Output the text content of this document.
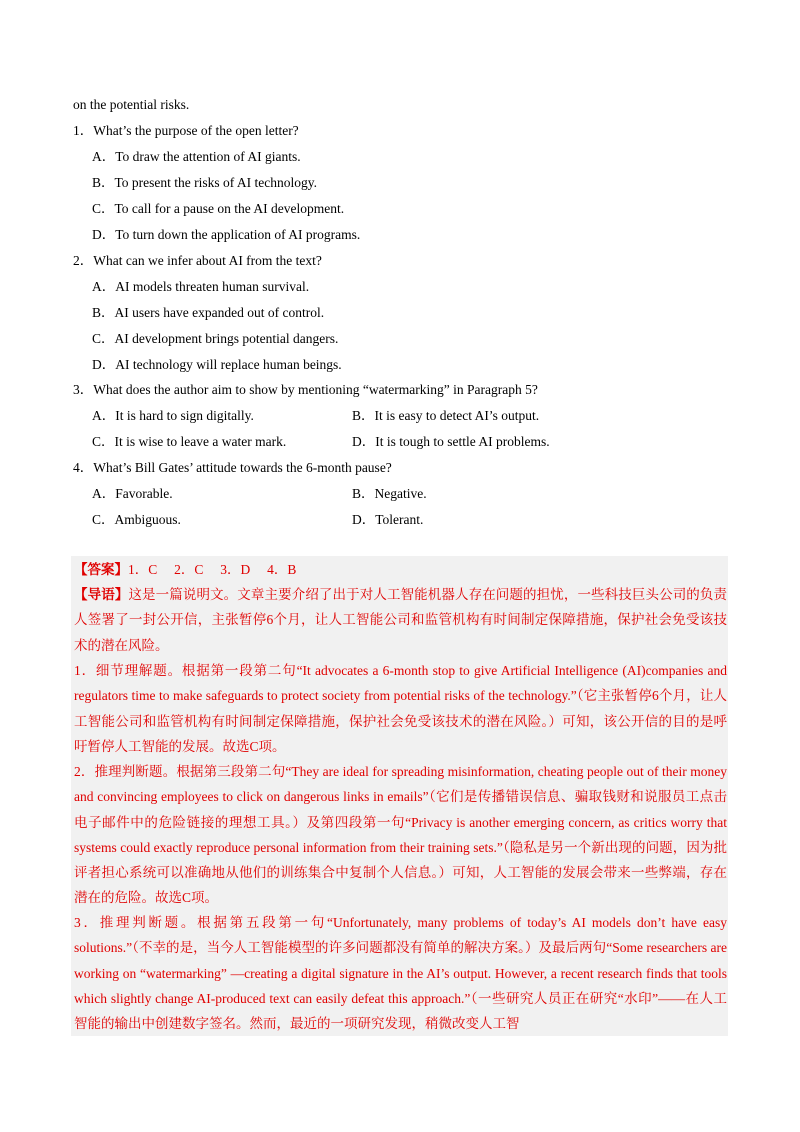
on the potential risks.
1．What’s the purpose of the open letter?
A．To draw the attention of AI giants.
B．To present the risks of AI technology.
C．To call for a pause on the AI development.
D．To turn down the application of AI programs.
2．What can we infer about AI from the text?
A．AI models threaten human survival.
B．AI users have expanded out of control.
C．AI development brings potential dangers.
D．AI technology will replace human beings.
3．What does the author aim to show by mentioning “watermarking” in Paragraph 5?
A．It is hard to sign digitally.	B．It is easy to detect AI’s output.
C．It is wise to leave a water mark.	D．It is tough to settle AI problems.
4．What’s Bill Gates’ attitude towards the 6-month pause?
A．Favorable.	B．Negative.
C．Ambiguous.	D．Tolerant.
【答案】1．C　 2．C　 3．D　 4．B
【导语】这是一篇说明文。文章主要介绍了出于对人工智能机器人存在问题的担忧，一些科技巨头公司的负责人签署了一封公开信，主张暂停6个月，让人工智能公司和监管机构有时间制定保障措施，保护社会免受该技术的潜在风险。
1．细节理解题。根据第一段第二句“It advocates a 6-month stop to give Artificial Intelligence (AI)companies and regulators time to make safeguards to protect society from potential risks of the technology.”（它主张暂停6个月，让人工智能公司和监管机构有时间制定保障措施，保护社会免受该技术的潜在风险。）可知，该公开信的目的是呼吁暂停人工智能的发展。故选C项。
2．推理判断题。根据第三段第二句“They are ideal for spreading misinformation, cheating people out of their money and convincing employees to click on dangerous links in emails”（它们是传播错误信息、骗取钱财和说服员工点击电子邮件中的危险链接的理想工具。）及第四段第一句“Privacy is another emerging concern, as critics worry that systems could exactly reproduce personal information from their training sets.”（隐私是另一个新出现的问题，因为批评者担心系统可以准确地从他们的训练集合中复制个人信息。）可知，人工智能的发展会带来一些弊端，存在潜在的危险。故选C项。
3．推理判断题。根据第五段第一句“Unfortunately, many problems of today’s AI models don’t have easy solutions.”（不幸的是，当今人工智能模型的许多问题都没有简单的解决方案。）及最后两句“Some researchers are working on “watermarking” —creating a digital signature in the AI’s output. However, a recent research finds that tools which slightly change AI-produced text can easily defeat this approach.”（一些研究人员正在研究“水印”——在人工智能的输出中创建数字签名。然而，最近的一项研究发现，稍微改变人工智
